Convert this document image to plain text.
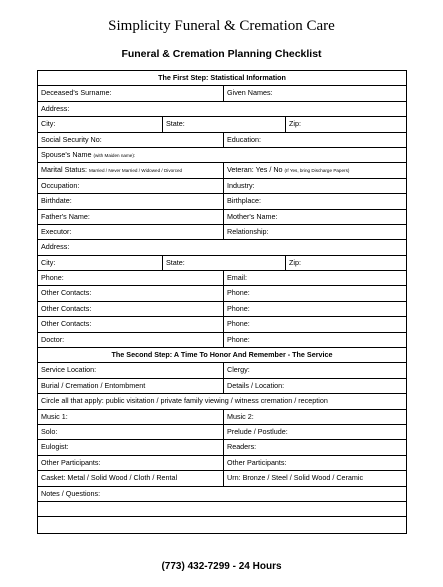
Simplicity Funeral & Cremation Care
Funeral & Cremation Planning Checklist
The First Step: Statistical Information
Deceased's Surname:	Given Names:
Address:
City:	State:	Zip:
Social Security No:	Education:
Spouse's Name (with Maiden name):
Marital Status: Married / Never Married / Widowed / Divorced	Veteran: Yes / No (If Yes, bring Discharge Papers)
Occupation:	Industry:
Birthdate:	Birthplace:
Father's Name:	Mother's Name:
Executor:	Relationship:
Address:
City:	State:	Zip:
Phone:	Email:
Other Contacts:	Phone:
Other Contacts:	Phone:
Other Contacts:	Phone:
Doctor:	Phone:
The Second Step: A Time To Honor And Remember - The Service
Service Location:	Clergy:
Burial / Cremation / Entombment	Details / Location:
Circle all that apply: public visitation / private family viewing / witness cremation / reception
Music 1:	Music 2:
Solo:	Prelude / Postlude:
Eulogist:	Readers:
Other Participants:	Other Participants:
Casket: Metal / Solid Wood / Cloth / Rental	Urn: Bronze / Steel / Solid Wood / Ceramic
Notes / Questions:
(773) 432-7299 - 24 Hours
